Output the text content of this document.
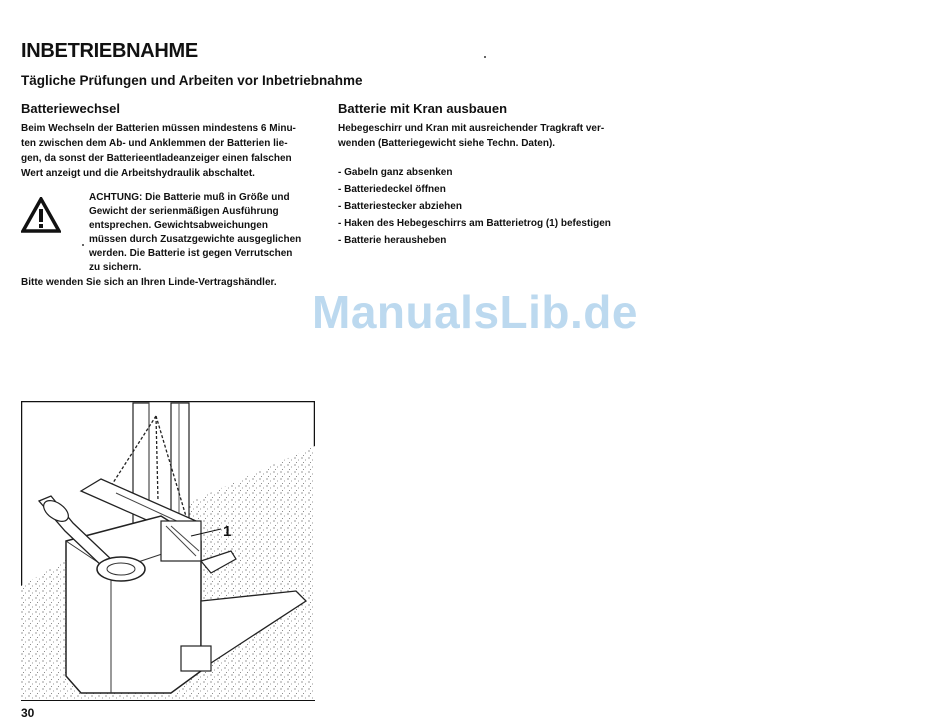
INBETRIEBNAHME
Tägliche Prüfungen und Arbeiten vor Inbetriebnahme
Batteriewechsel

Beim Wechseln der Batterien müssen mindestens 6 Minu-
ten zwischen dem Ab- und Anklemmen der Batterien lie-
gen, da sonst der Batterieentladeanzeiger einen falschen
Wert anzeigt und die Arbeitshydraulik abschaltet.

ACHTUNG: Die Batterie muß in Größe und
Gewicht der serienmäßigen Ausführung
entsprechen. Gewichtsabweichungen
müssen durch Zusatzgewichte ausgeglichen
werden. Die Batterie ist gegen Verrutschen
zu sichern.
Bitte wenden Sie sich an Ihren Linde-Vertragshändler.
Batterie mit Kran ausbauen

Hebegeschirr und Kran mit ausreichender Tragkraft ver-
wenden (Batteriegewicht siehe Techn. Daten).

- Gabeln ganz absenken
- Batteriedeckel öffnen
- Batteriestecker abziehen
- Haken des Hebegeschirrs am Batterietrog (1) befestigen
- Batterie herausheben
ManualsLib.de
1
30
